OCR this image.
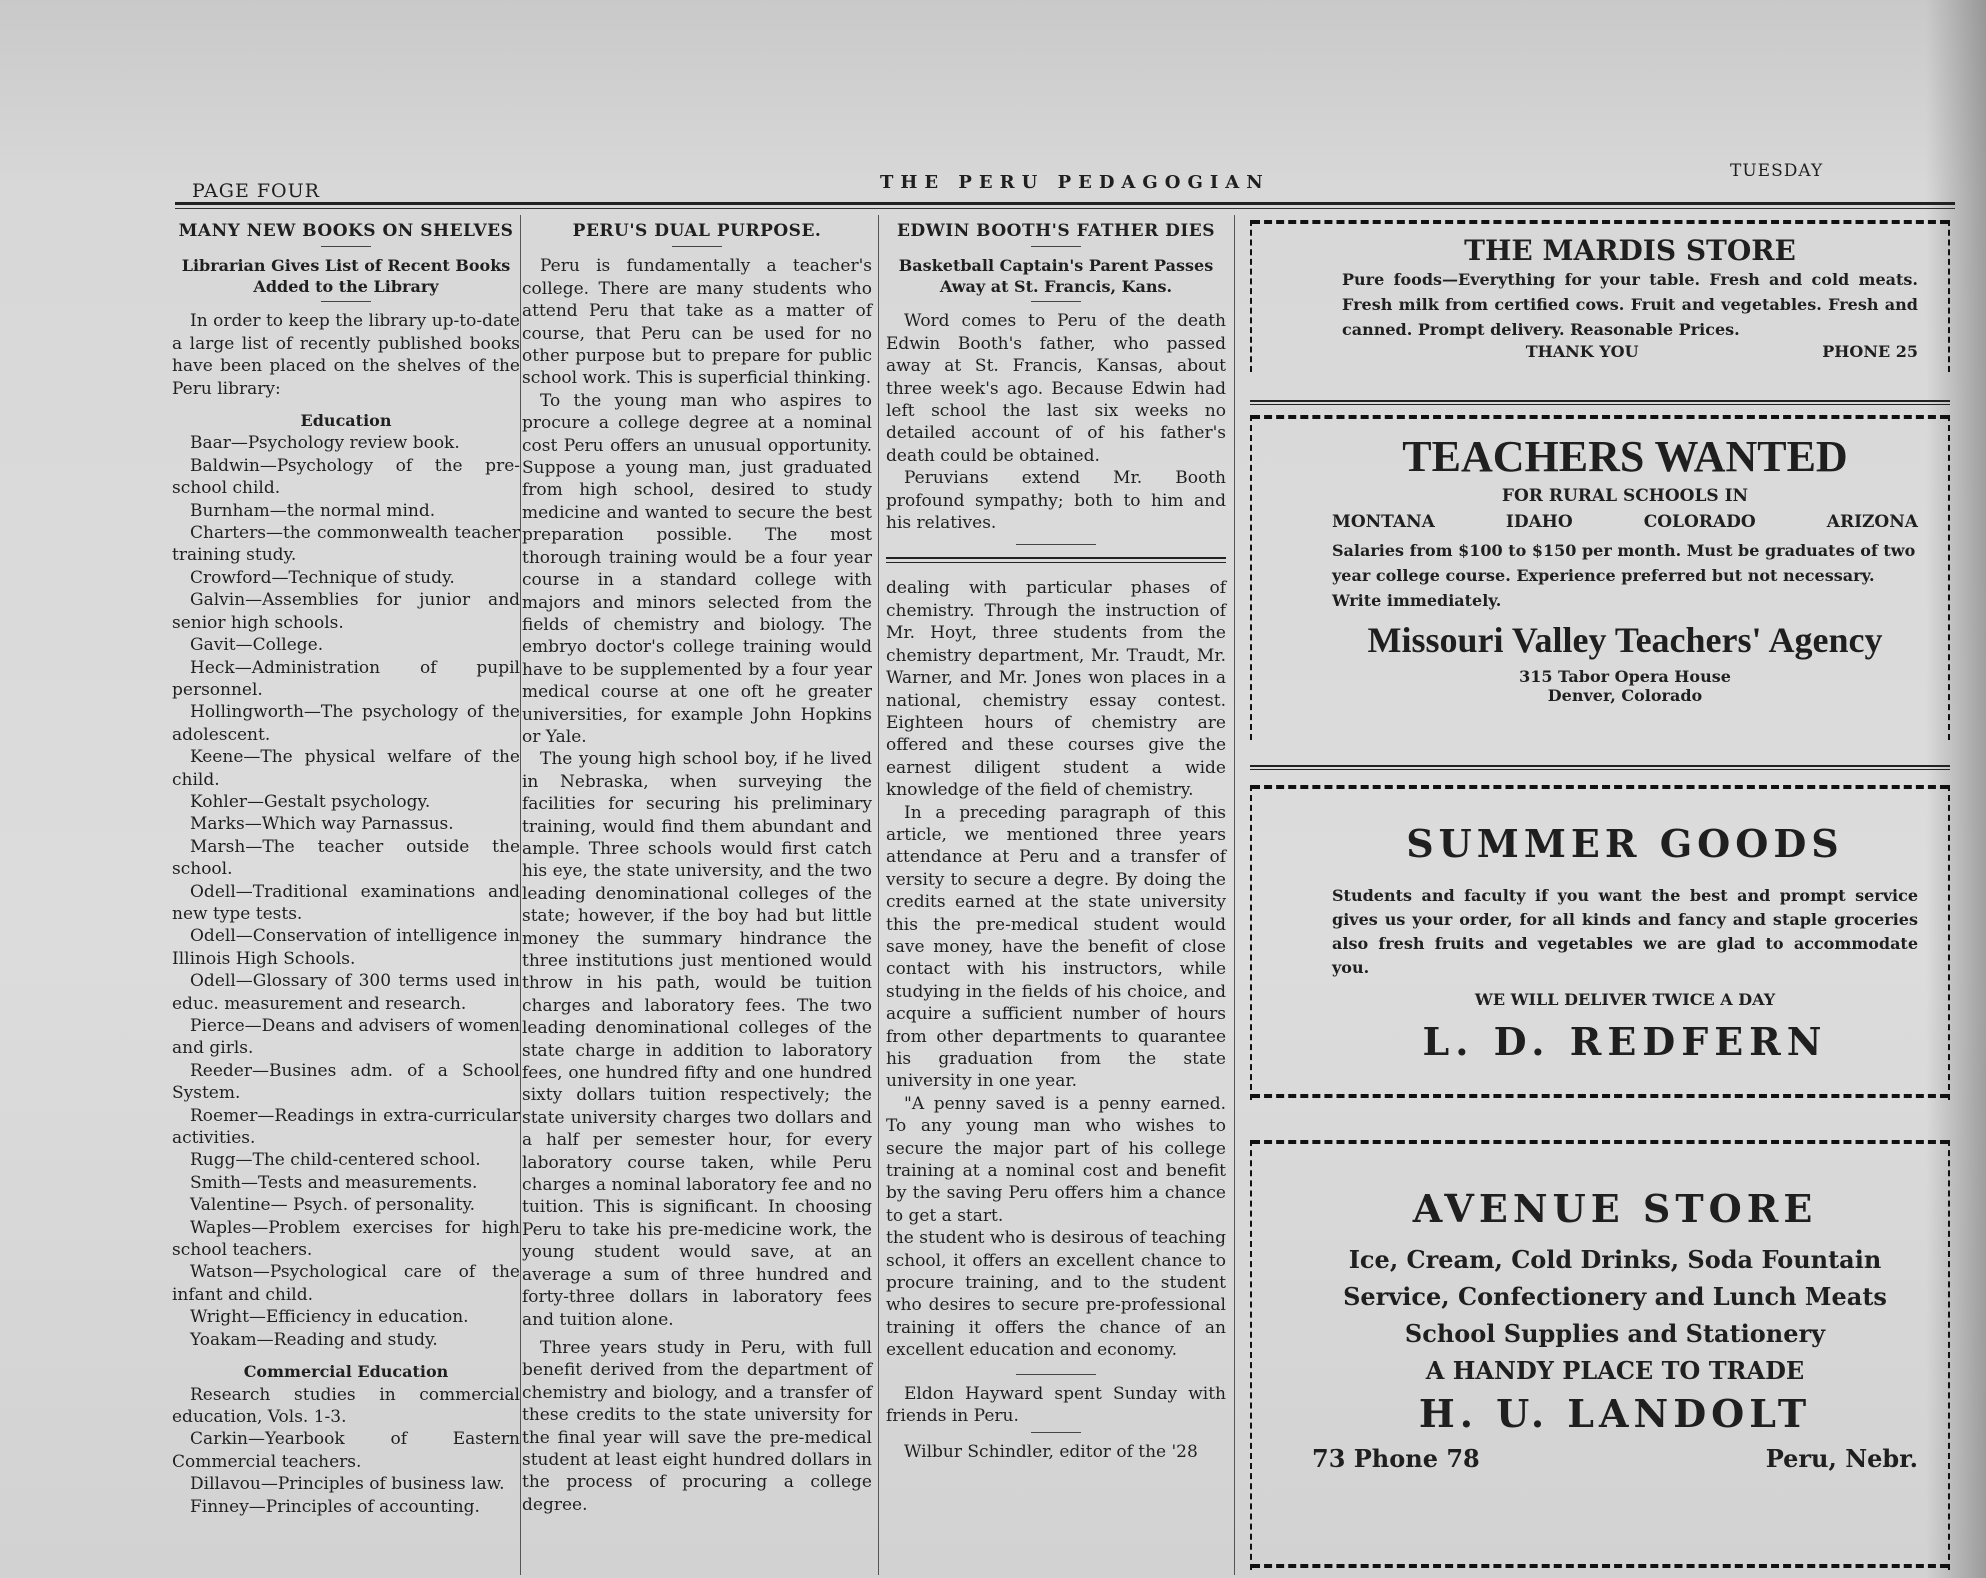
PAGE FOUR	THE PERU PEDAGOGIAN
TUESDAY
MANY NEW BOOKS ON SHELVES
Librarian Gives List of Recent Books Added to the Library

In order to keep the library up-to-date a large list of recently published books have been placed on the shelves of the Peru library:

Education

Baar—Psychology review book.

Baldwin—Psychology of the pre-school child.

Burnham—the normal mind.

Charters—the commonwealth teacher training study.

Crowford—Technique of study.

Galvin—Assemblies for junior and senior high schools.

Gavit—College.

Heck—Administration of pupil personnel.

Hollingworth—The psychology of the adolescent.

Keene—The physical welfare of the child.

Kohler—Gestalt psychology.

Marks—Which way Parnassus.

Marsh—The teacher outside the school.

Odell—Traditional examinations and new type tests.

Odell—Conservation of intelligence in Illinois High Schools.

Odell—Glossary of 300 terms used in educ. measurement and research.

Pierce—Deans and advisers of women and girls.

Reeder—Busines adm. of a School System.

Roemer—Readings in extra-curricular activities.

Rugg—The child-centered school.

Smith—Tests and measurements.

Valentine— Psych. of personality.

Waples—Problem exercises for high school teachers.

Watson—Psychological care of the infant and child.

Wright—Efficiency in education.

Yoakam—Reading and study.

Commercial Education

Research studies in commercial education, Vols. 1-3.

Carkin—Yearbook of Eastern Commercial teachers.

Dillavou—Principles of business law.

Finney—Principles of accounting.

PERU'S DUAL PURPOSE.

Peru is fundamentally a teacher's college. There are many students who attend Peru that take as a matter of course, that Peru can be used for no other purpose but to prepare for public school work. This is superficial thinking.

To the young man who aspires to procure a college degree at a nominal cost Peru offers an unusual opportunity. Suppose a young man, just graduated from high school, desired to study medicine and wanted to secure the best preparation possible. The most thorough training would be a four year course in a standard college with majors and minors selected from the fields of chemistry and biology. The embryo doctor's college training would have to be supplemented by a four year medical course at one oft he greater universities, for example John Hopkins or Yale.

The young high school boy, if he lived in Nebraska, when surveying the facilities for securing his preliminary training, would find them abundant and ample. Three schools would first catch his eye, the state university, and the two leading denominational colleges of the state; however, if the boy had but little money the summary hindrance the three institutions just mentioned would throw in his path, would be tuition charges and laboratory fees. The two leading denominational colleges of the state charge in addition to laboratory fees, one hundred fifty and one hundred sixty dollars tuition respectively; the state university charges two dollars and a half per semester hour, for every laboratory course taken, while Peru charges a nominal laboratory fee and no tuition. This is significant. In choosing Peru to take his pre-medicine work, the young student would save, at an average a sum of three hundred and forty-three dollars in laboratory fees and tuition alone.

Three years study in Peru, with full benefit derived from the department of chemistry and biology, and a transfer of these credits to the state university for the final year will save the pre-medical student at least eight hundred dollars in the process of procuring a college degree.

EDWIN BOOTH'S FATHER DIES
Basketball Captain's Parent Passes Away at St. Francis, Kans.

Word comes to Peru of the death Edwin Booth's father, who passed away at St. Francis, Kansas, about three week's ago. Because Edwin had left school the last six weeks no detailed account of of his father's death could be obtained.

Peruvians extend Mr. Booth profound sympathy; both to him and his relatives.

dealing with particular phases of chemistry. Through the instruction of Mr. Hoyt, three students from the chemistry department, Mr. Traudt, Mr. Warner, and Mr. Jones won places in a national, chemistry essay contest. Eighteen hours of chemistry are offered and these courses give the earnest diligent student a wide knowledge of the field of chemistry.

In a preceding paragraph of this article, we mentioned three years attendance at Peru and a transfer of versity to secure a degre. By doing the credits earned at the state university this the pre-medical student would save money, have the benefit of close contact with his instructors, while studying in the fields of his choice, and acquire a sufficient number of hours from other departments to quarantee his graduation from the state university in one year.

"A penny saved is a penny earned. To any young man who wishes to secure the major part of his college training at a nominal cost and benefit by the saving Peru offers him a chance to get a start.

the student who is desirous of teaching school, it offers an excellent chance to procure training, and to the student who desires to secure pre-professional training it offers the chance of an excellent education and economy.

Eldon Hayward spent Sunday with friends in Peru.

Wilbur Schindler, editor of the '28

THE MARDIS STORE
Pure foods—Everything for your table. Fresh and cold meats. Fresh milk from certified cows. Fruit and vegetables. Fresh and canned. Prompt delivery. Reasonable Prices.
THANK YOU	PHONE 25
TEACHERS WANTED
FOR RURAL SCHOOLS IN
MONTANA	IDAHO	COLORADO	ARIZONA
Salaries from $100 to $150 per month. Must be graduates of two year college course. Experience preferred but not necessary. Write immediately.
Missouri Valley Teachers' Agency
315 Tabor Opera House
Denver, Colorado
SUMMER GOODS
Students and faculty if you want the best and prompt service gives us your order, for all kinds and fancy and staple groceries also fresh fruits and vegetables we are glad to accommodate you.
WE WILL DELIVER TWICE A DAY
L. D. REDFERN
AVENUE STORE
Ice, Cream, Cold Drinks, Soda Fountain
Service, Confectionery and Lunch Meats
School Supplies and Stationery
A HANDY PLACE TO TRADE
H. U. LANDOLT
73 Phone 78	Peru, Nebr.
